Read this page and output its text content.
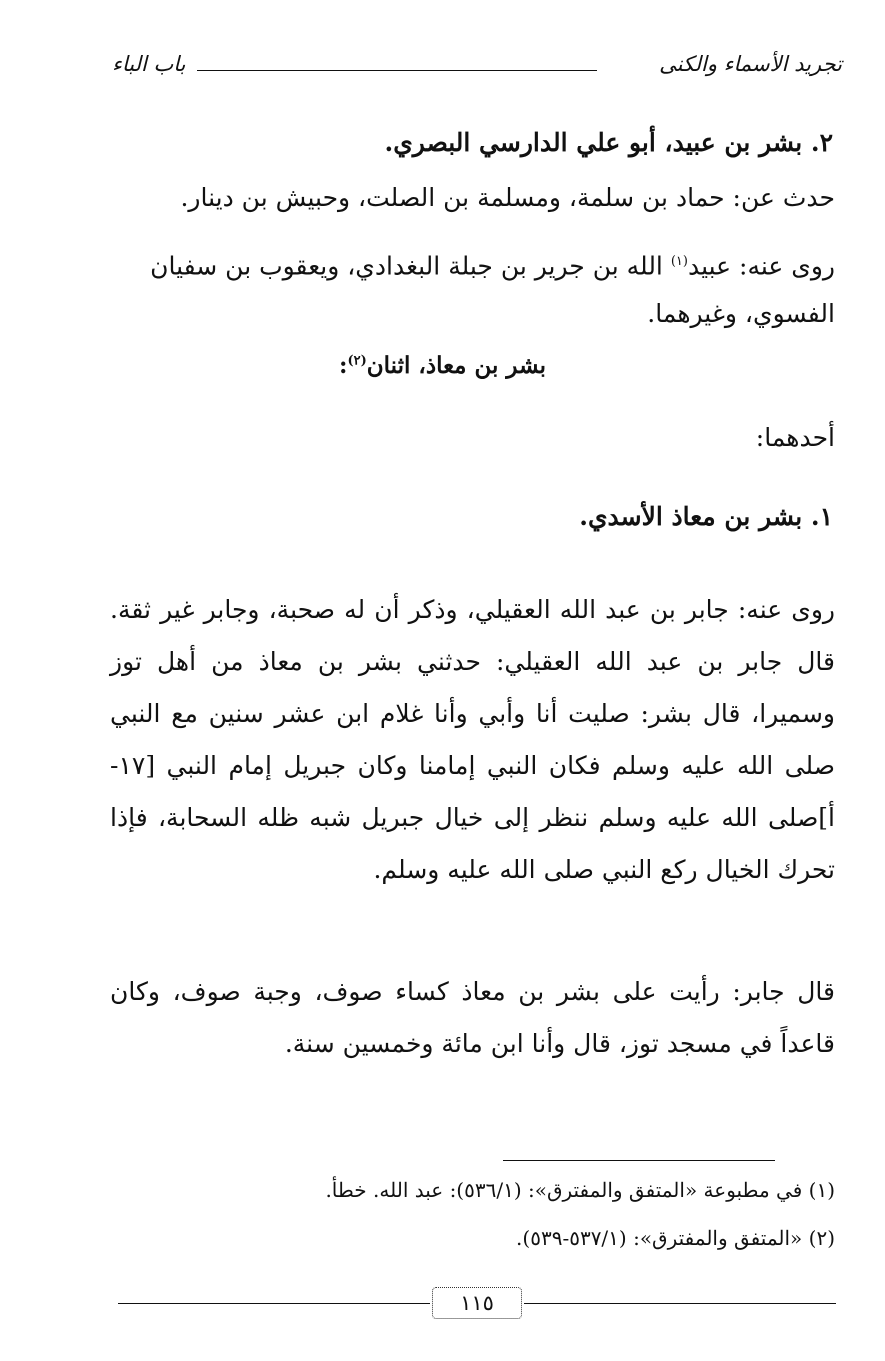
تجريد الأسماء والكنى
باب الباء
٢. بشر بن عبيد، أبو علي الدارسي البصري.
حدث عن: حماد بن سلمة، ومسلمة بن الصلت، وحبيش بن دينار.
روى عنه: عبيد$^{(١)}$ الله بن جرير بن جبلة البغدادي، ويعقوب بن سفيان الفسوي، وغيرهما.
بشر بن معاذ، اثنان$^{(٢)}$:
أحدهما:
١. بشر بن معاذ الأسدي.
روى عنه: جابر بن عبد الله العقيلي، وذكر أن له صحبة، وجابر غير ثقة. قال جابر بن عبد الله العقيلي: حدثني بشر بن معاذ من أهل توز وسميرا، قال بشر: صليت أنا وأبي وأنا غلام ابن عشر سنين مع النبي صلى الله عليه وسلم فكان النبي إمامنا وكان جبريل إمام النبي [١٧-أ]صلى الله عليه وسلم ننظر إلى خيال جبريل شبه ظله السحابة، فإذا تحرك الخيال ركع النبي صلى الله عليه وسلم.
قال جابر: رأيت على بشر بن معاذ كساء صوف، وجبة صوف، وكان قاعداً في مسجد توز، قال وأنا ابن مائة وخمسين سنة.
(١) في مطبوعة «المتفق والمفترق»: (٥٣٦/١): عبد الله. خطأ.
(٢) «المتفق والمفترق»: (٥٣٧/١-٥٣٩).
١١٥
